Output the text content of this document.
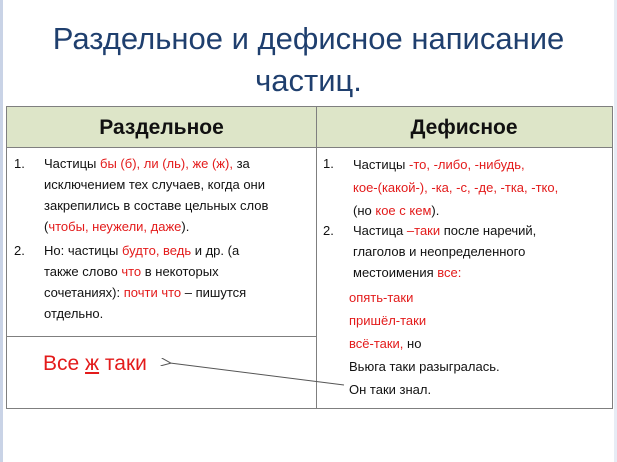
Раздельное и дефисное написание
частиц.
Раздельное	Дефисное
1. Частицы бы (б), ли (ль), же (ж), за
исключением тех случаев, когда они
закрепились в составе цельных слов
(чтобы, неужели, даже).
2. Но: частицы будто, ведь и др. (а
также слово что в некоторых
сочетаниях): почти что – пишутся
отдельно.
Все ж таки
1. Частицы -то, -либо, -нибудь,
кое-(какой-), -ка, -с, -де, -тка, -тко,
(но кое с кем).
2. Частица –таки после наречий,
глаголов и неопределенного
местоимения все:
опять-таки
пришёл-таки
всё-таки, но
Вьюга таки разыгралась.
Он таки знал.
